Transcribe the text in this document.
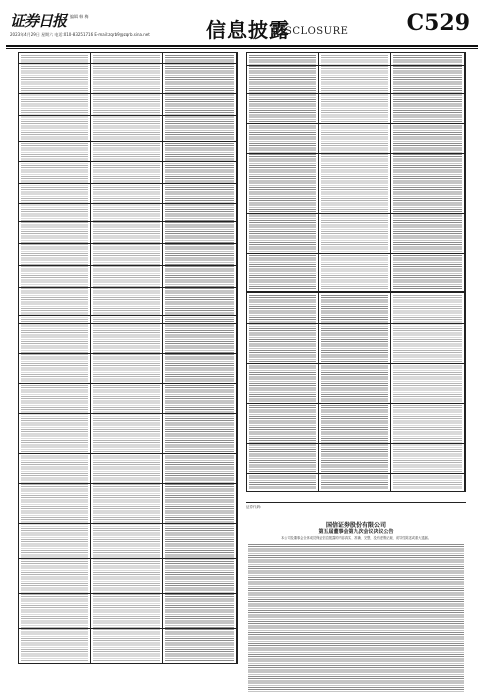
证券日报 编辑 韩 梅
2023年4月29日 星期六 电话:010-83251716 E-mail:zqrb9@zqrb.sina.net	信息披露
DISCLOSURE	C529
证券代码:
国信证券股份有限公司
第五届董事会第九次会议决议公告
本公司及董事会全体成员保证信息披露的内容真实、准确、完整，没有虚假记载、误导性陈述或重大遗漏。
